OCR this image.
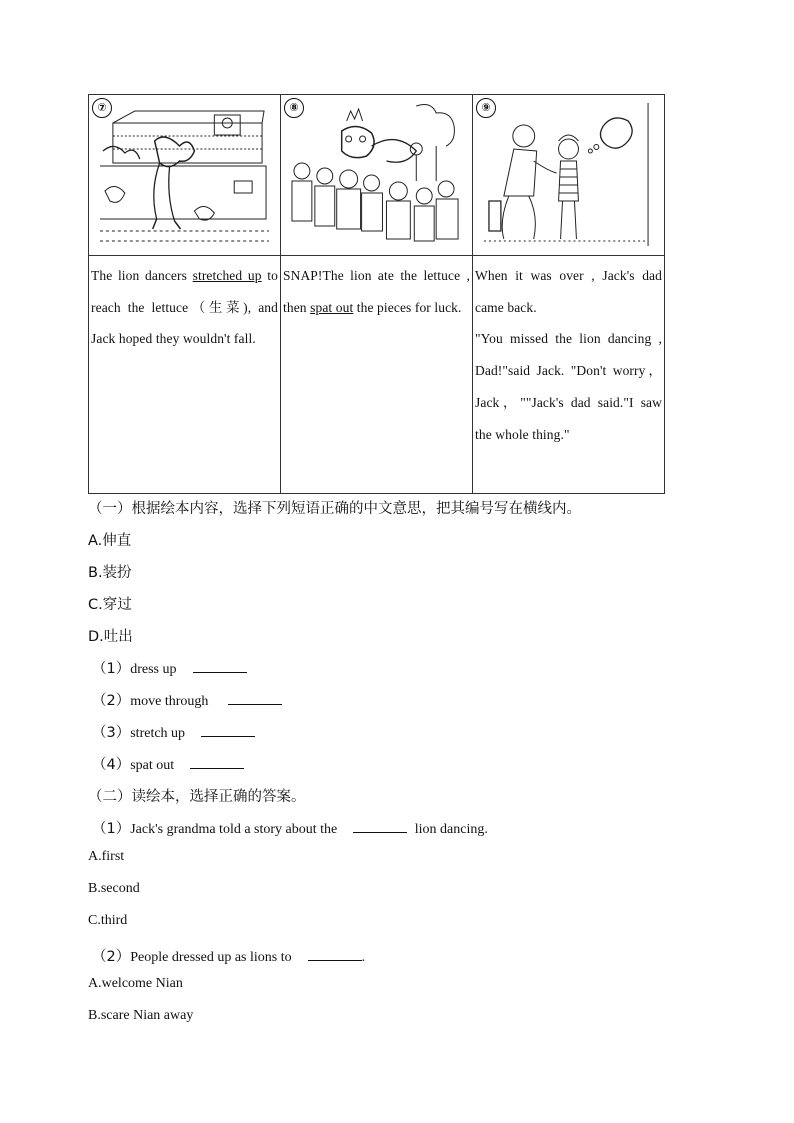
⑦	⑧	⑨

The lion dancers stretched up to reach the lettuce（生菜), and Jack hoped they wouldn't fall.	SNAP!The lion ate the lettuce , then spat out the pieces for luck.	When it was over , Jack's dad came back.
"You missed the lion dancing , Dad!"said Jack. "Don't worry，Jack，""Jack's dad said."I saw the whole thing."
（一）根据绘本内容，选择下列短语正确的中文意思，把其编号写在横线内。
A.伸直
B.装扮
C.穿过
D.吐出
（1）dress up
（2）move through
（3）stretch up
（4）spat out
（二）读绘本，选择正确的答案。
（1）Jack's grandma told a story about the	lion dancing.
A.first
B.second
C.third
（2）People dressed up as lions to	.
A.welcome Nian
B.scare Nian away
